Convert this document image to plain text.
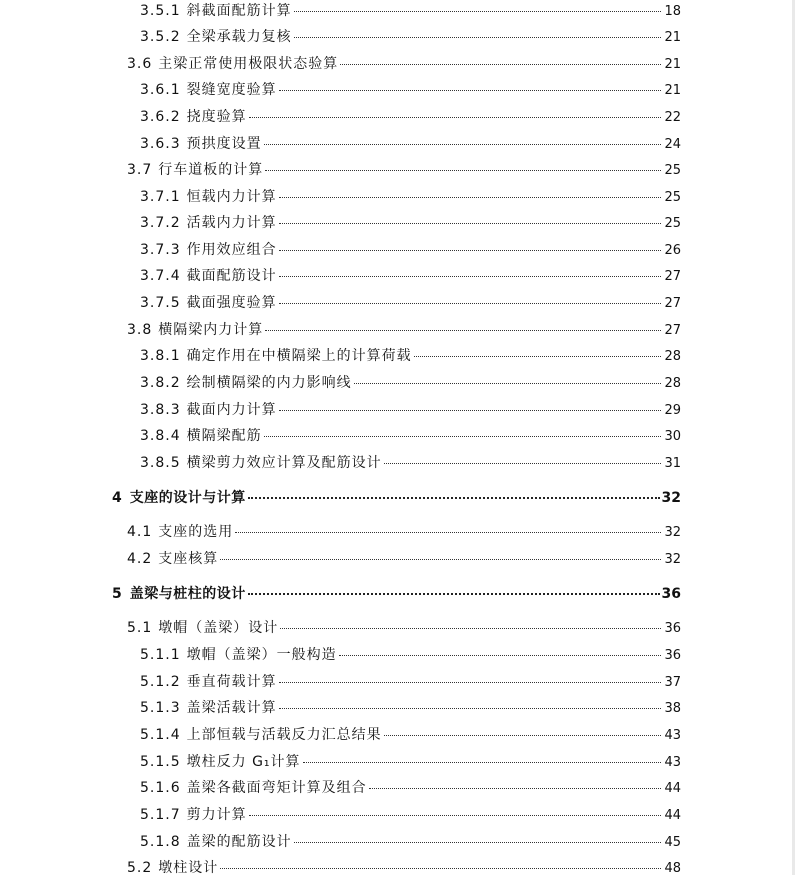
3.5.1 斜截面配筋计算	18
3.5.2 全梁承载力复核	21
3.6 主梁正常使用极限状态验算	21
3.6.1 裂缝宽度验算	21
3.6.2 挠度验算	22
3.6.3 预拱度设置	24
3.7 行车道板的计算	25
3.7.1 恒载内力计算	25
3.7.2 活载内力计算	25
3.7.3 作用效应组合	26
3.7.4 截面配筋设计	27
3.7.5 截面强度验算	27
3.8 横隔梁内力计算	27
3.8.1 确定作用在中横隔梁上的计算荷载	28
3.8.2 绘制横隔梁的内力影响线	28
3.8.3 截面内力计算	29
3.8.4 横隔梁配筋	30
3.8.5 横梁剪力效应计算及配筋设计	31
4 支座的设计与计算	32
4.1 支座的选用	32
4.2 支座核算	32
5 盖梁与桩柱的设计	36
5.1 墩帽（盖梁）设计	36
5.1.1 墩帽（盖梁）一般构造	36
5.1.2 垂直荷载计算	37
5.1.3 盖梁活载计算	38
5.1.4 上部恒载与活载反力汇总结果	43
5.1.5 墩柱反力 G₁计算	43
5.1.6 盖梁各截面弯矩计算及组合	44
5.1.7 剪力计算	44
5.1.8 盖梁的配筋设计	45
5.2 墩柱设计	48
